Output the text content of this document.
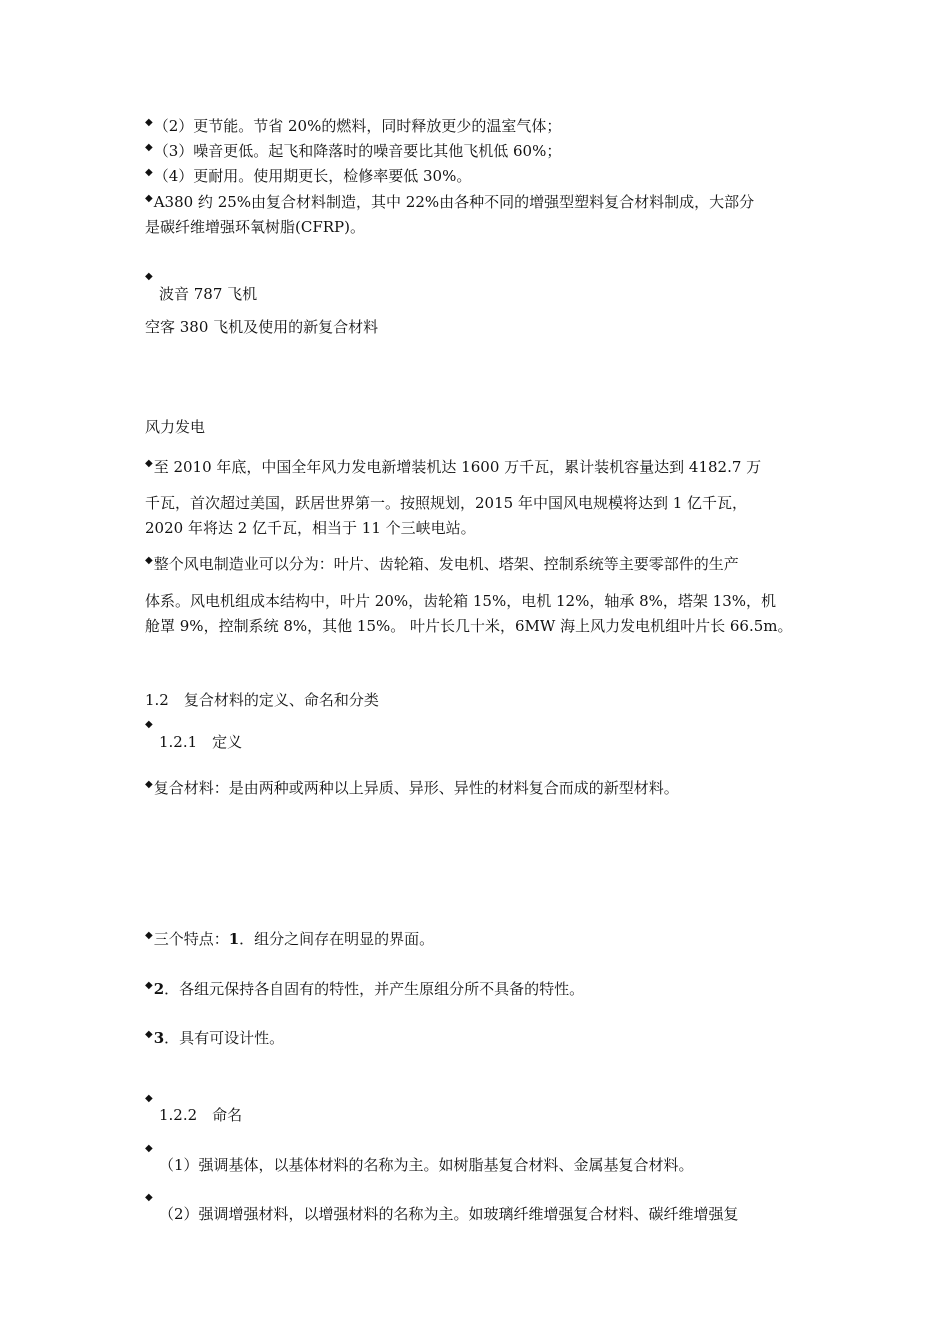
◆（2）更节能。节省 20%的燃料，同时释放更少的温室气体；
◆（3）噪音更低。起飞和降落时的噪音要比其他飞机低 60%；
◆（4）更耐用。使用期更长，检修率要低 30%。
◆A380 约 25%由复合材料制造，其中 22%由各种不同的增强型塑料复合材料制成，大部分
是碳纤维增强环氧树脂(CFRP)。
◆
波音 787 飞机
空客 380 飞机及使用的新复合材料
风力发电
◆至 2010 年底，中国全年风力发电新增装机达 1600 万千瓦，累计装机容量达到 4182.7 万
千瓦，首次超过美国，跃居世界第一。按照规划，2015 年中国风电规模将达到 1 亿千瓦，
2020 年将达 2 亿千瓦，相当于 11 个三峡电站。
◆整个风电制造业可以分为：叶片、齿轮箱、发电机、塔架、控制系统等主要零部件的生产
体系。风电机组成本结构中，叶片 20%，齿轮箱 15%，电机 12%，轴承 8%，塔架 13%，机
舱罩 9%，控制系统 8%，其他 15%。 叶片长几十米，6MW 海上风力发电机组叶片长 66.5m。
1.2　复合材料的定义、命名和分类
◆
1.2.1　定义
◆复合材料：是由两种或两种以上异质、异形、异性的材料复合而成的新型材料。
◆三个特点：1．组分之间存在明显的界面。
◆2．各组元保持各自固有的特性，并产生原组分所不具备的特性。
◆3．具有可设计性。
◆
1.2.2　命名
◆
（1）强调基体，以基体材料的名称为主。如树脂基复合材料、金属基复合材料。
◆
（2）强调增强材料，以增强材料的名称为主。如玻璃纤维增强复合材料、碳纤维增强复
